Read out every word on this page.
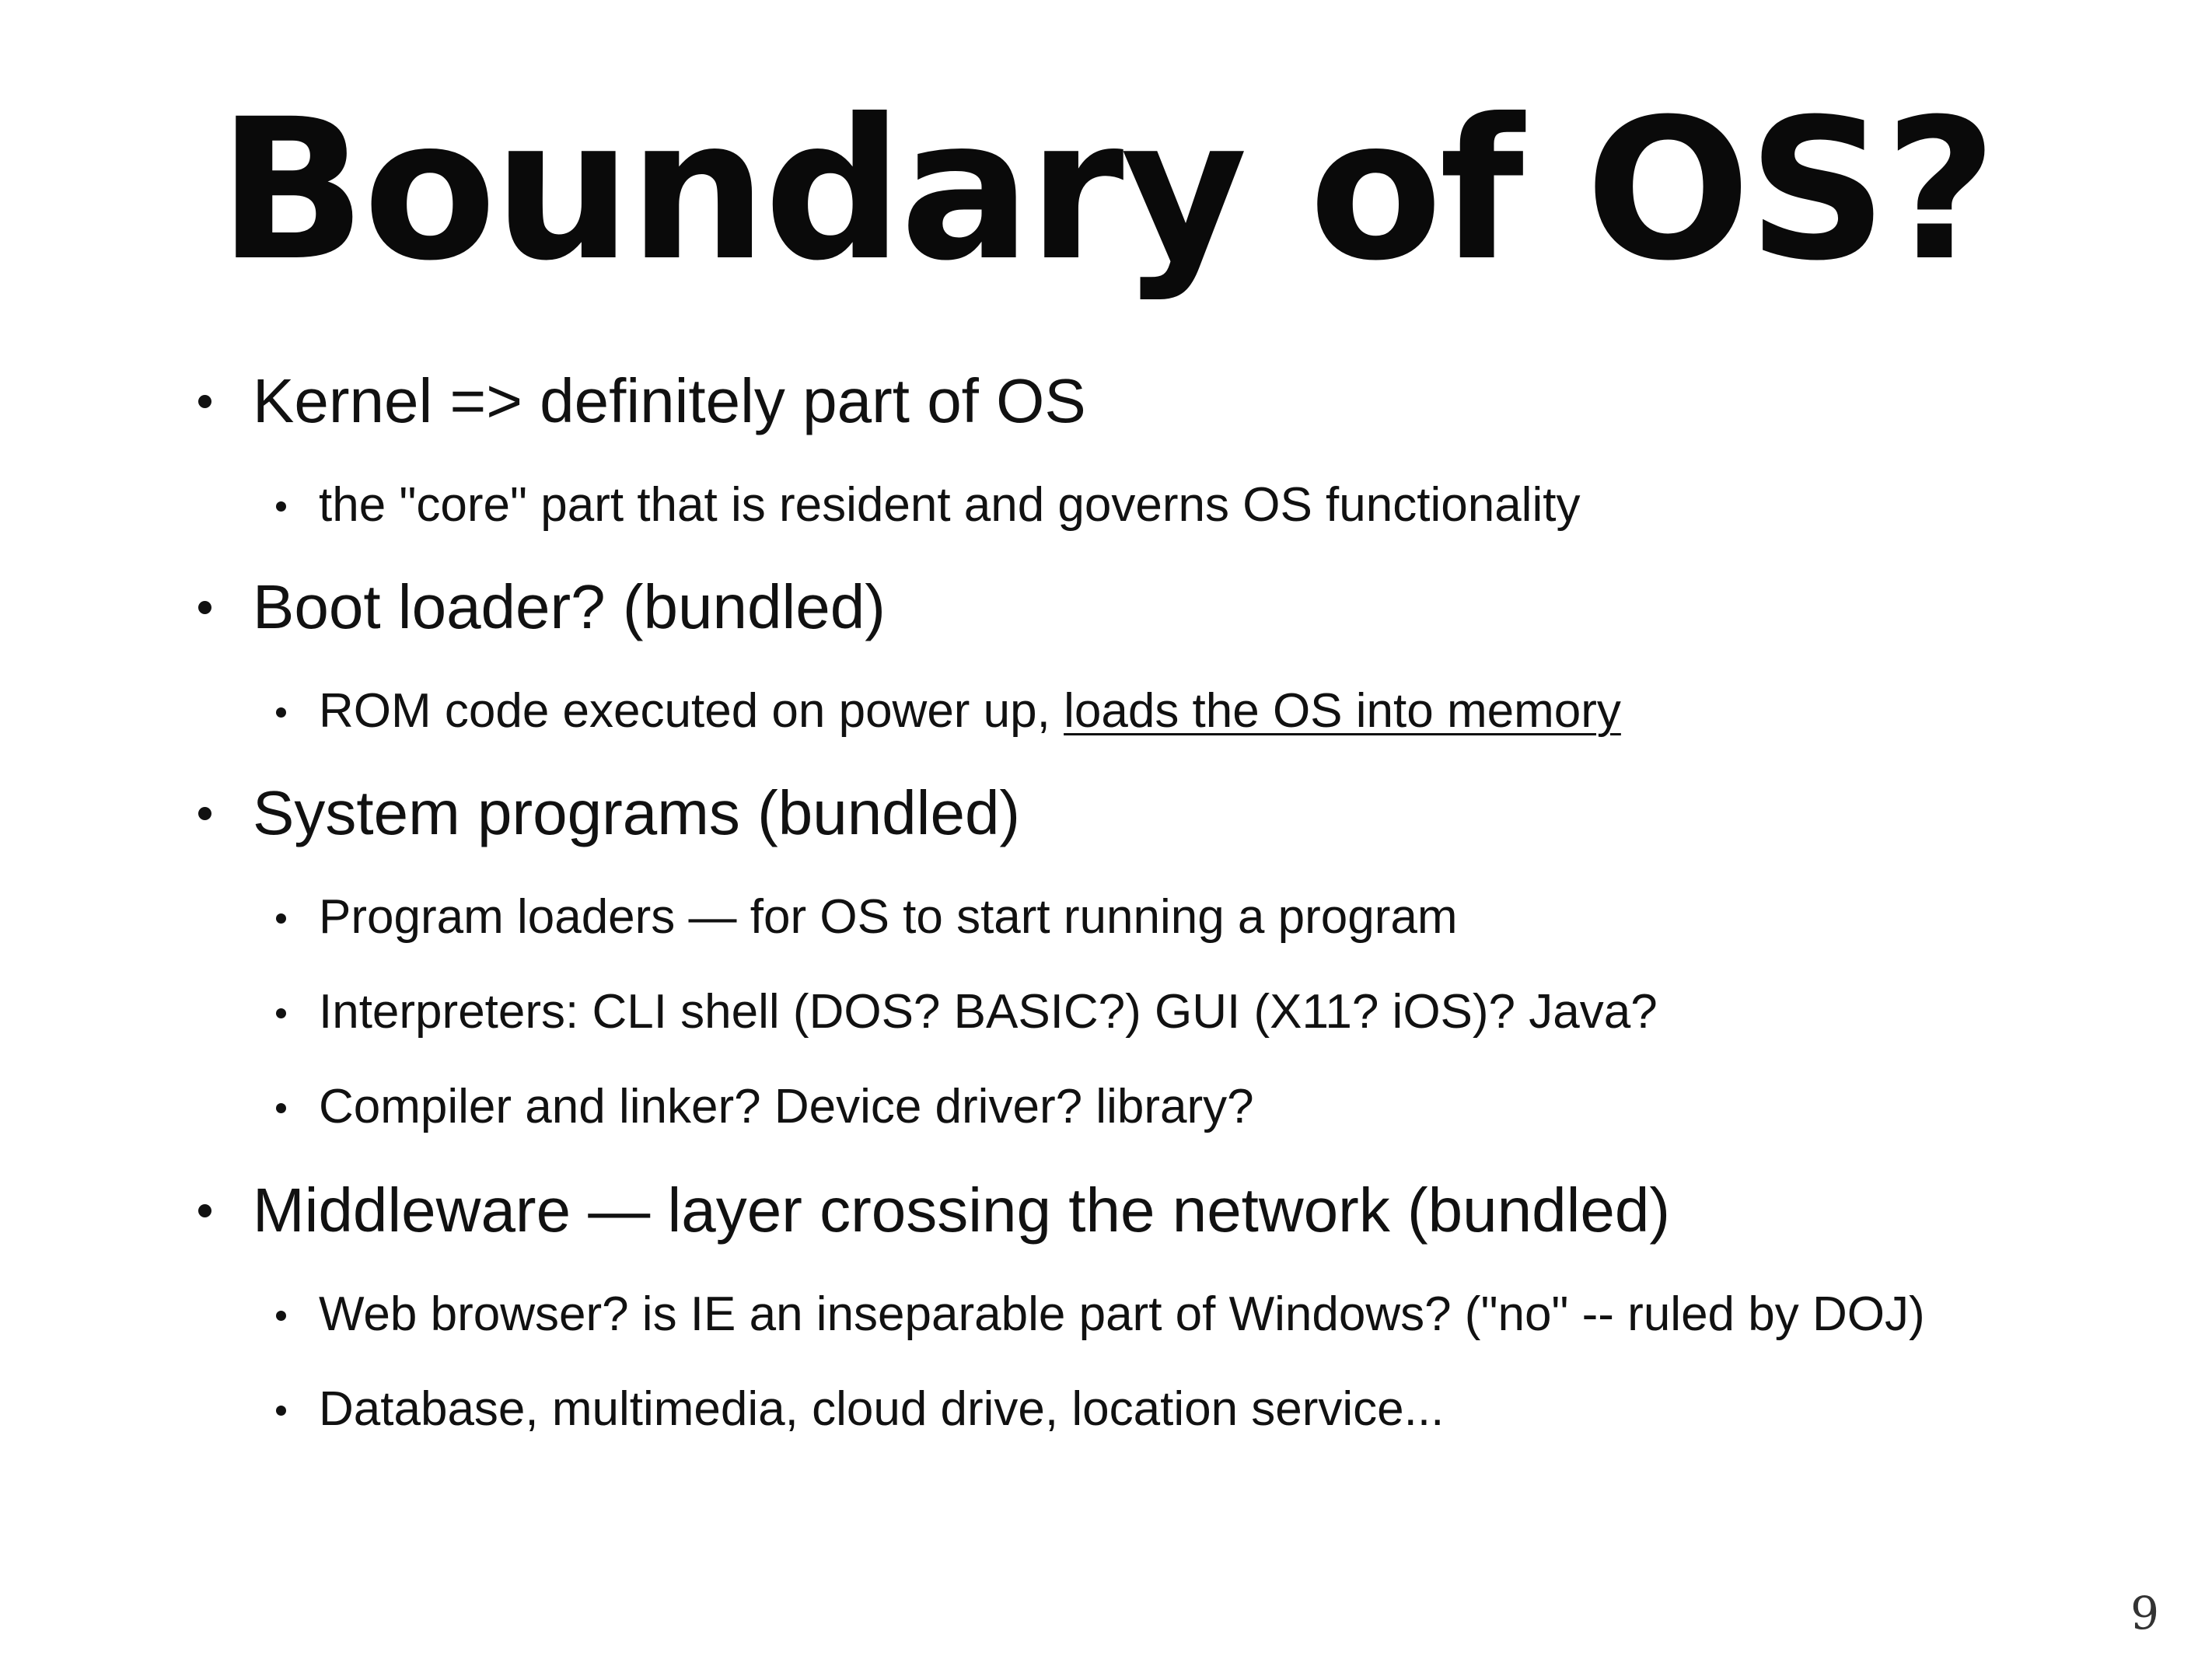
Boundary of OS?
Kernel => definitely part of OS
the "core" part that is resident and governs OS functionality
Boot loader? (bundled)
ROM code executed on power up, loads the OS into memory
System programs (bundled)
Program loaders — for OS to start running a program
Interpreters: CLI shell (DOS? BASIC?) GUI (X11? iOS)? Java?
Compiler and linker? Device driver? library?
Middleware — layer crossing the network (bundled)
Web browser? is IE an inseparable part of Windows? ("no" -- ruled by DOJ)
Database, multimedia, cloud drive, location service...
9
